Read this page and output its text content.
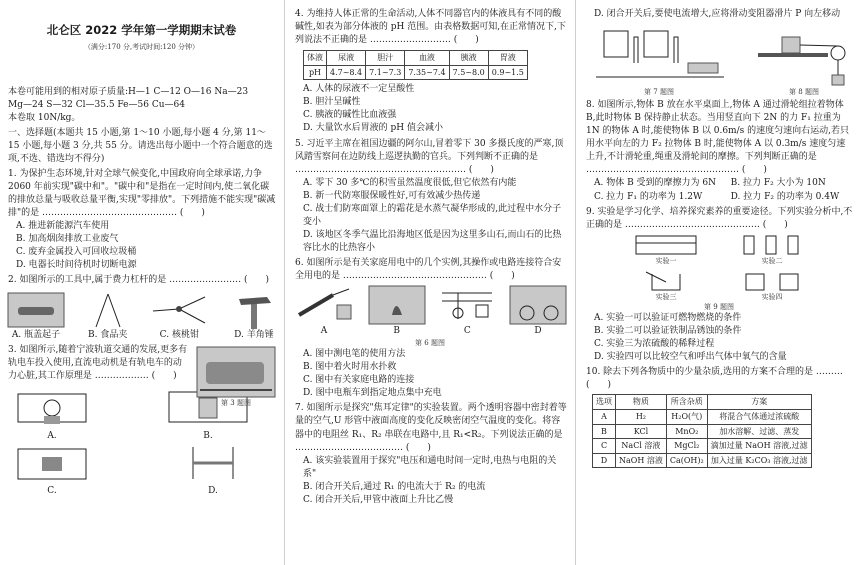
北仑区 2022 学年第一学期期末试卷

（满分:170 分,考试时间:120 分钟）

本卷可能用到的相对原子质量:H—1 C—12 O—16 Na—23

Mg—24 S—32 Cl—35.5 Fe—56 Cu—64

本卷取 10N/kg。

一、选择题(本题共 15 小题,第 1～10 小题,每小题 4 分,第 11～15 小题,每小题 3 分,共 55 分。请选出每小题中一个符合题意的选项,不选、错选均不得分)

1. 为保护生态环境,针对全球气候变化,中国政府向全球承诺,力争 2060 年前实现"碳中和"。"碳中和"是指在一定时间内,使二氧化碳的排放总量与吸收总量平衡,实现"零排放"。下列措施不能实现"碳减排"的是 ……………………………………… (　　)

A. 推进新能源汽车使用

B. 加高烟囱排放工业废气

C. 废弃金属投入可回收垃圾桶

D. 电器长时间待机时切断电源

2. 如图所示的工具中,属于费力杠杆的是 …………………… (　　)

A. 瓶盖起子	B. 食品夹	C. 核桃钳	D. 羊角锤

3. 如图所示,随着宁波轨道交通的发展,更多有轨电车投入使用,直流电动机是有轨电车的动力心脏,其工作原理是 ……………… (　　)

第 3 题图
A.	B.
C.	D.

4. 为维持人体正常的生命活动,人体不同器官内的体液具有不同的酸碱性,如表为部分体液的 pH 范围。由表格数据可知,在正常情况下,下列说法不正确的是 ……………………… (　　)

体液	尿液	胆汁	血液	胰液	胃液
pH	4.7~8.4	7.1~7.3	7.35~7.4	7.5~8.0	0.9~1.5

A. 人体的尿液不一定呈酸性

B. 胆汁呈碱性

C. 胰液的碱性比血液强

D. 大量饮水后胃液的 pH 值会减小

5. 习近平主席在祖国边疆的阿尔山,冒着零下 30 多摄氏度的严寒,顶风踏雪察问在边防线上巡逻执勤的官兵。下列判断不正确的是 ………………………………………………… (　　)

A. 零下 30 多℃的积雪虽然温度很低,但它依然有内能

B. 新一代防寒服保暖性好,可有效减少热传递

C. 战士们防寒面罩上的霜花是水蒸气凝华形成的,此过程中水分子变小

D. 该地区冬季气温比沿海地区低是因为这里多山石,而山石的比热容比水的比热容小

6. 如图所示是有关家庭用电中的几个实例,其操作或电路连接符合安全用电的是 ………………………………………… (　　)

A	B	C	D

第 6 题图

A. 图中测电笔的使用方法

B. 图中着火时用水扑救

C. 图中有关家庭电路的连接

D. 图中电瓶车到指定地点集中充电

7. 如图所示是探究"焦耳定律"的实验装置。两个透明容器中密封着等量的空气,U 形管中液面高度的变化反映密闭空气温度的变化。将容器中的电阻丝 R₁、R₂ 串联在电路中,且 R₁<R₂。下列说法正确的是 ……………………………… (　　)

A. 该实验装置用于探究"电压和通电时间一定时,电热与电阻的关系"

B. 闭合开关后,通过 R₁ 的电流大于 R₂ 的电流

C. 闭合开关后,甲管中液面上升比乙慢

D. 闭合开关后,要使电流增大,应将滑动变阻器滑片 P 向左移动

第 7 题图	第 8 题图

8. 如图所示,物体 B 放在水平桌面上,物体 A 通过滑轮组拉着物体 B,此时物体 B 保持静止状态。当用竖直向下 2N 的力 F₁ 拉重为 1N 的物体 A 时,能使物体 B 以 0.6m/s 的速度匀速向右运动,若只用水平向左的力 F₂ 拉物体 B 时,能使物体 A 以 0.3m/s 速度匀速上升,不计滑轮重,绳重及滑轮间的摩擦。下列判断正确的是 …………………………………………… (　　)

A. 物体 B 受到的摩擦力为 6N	B. 拉力 F₂ 大小为 10N

C. 拉力 F₁ 的功率为 1.2W	D. 拉力 F₂ 的功率为 0.4W

9. 实验是学习化学、培养探究素养的重要途径。下列实验分析中,不正确的是 ……………………………………… (　　)

实验一	实验二
实验三	实验四

第 9 题图

A. 实验一可以验证可燃物燃烧的条件

B. 实验二可以验证铁制品锈蚀的条件

C. 实验三为浓硫酸的稀释过程

D. 实验四可以比较空气和呼出气体中氧气的含量

10. 除去下列各物质中的少量杂质,选用的方案不合理的是 ……… (　　)

选项	物质	所含杂质	方案
A	H₂	H₂O(气)	将混合气体通过浓硫酸
B	KCl	MnO₂	加水溶解、过滤、蒸发
C	NaCl 溶液	MgCl₂	滴加过量 NaOH 溶液,过滤
D	NaOH 溶液	Ca(OH)₂	加入过量 K₂CO₃ 溶液,过滤
